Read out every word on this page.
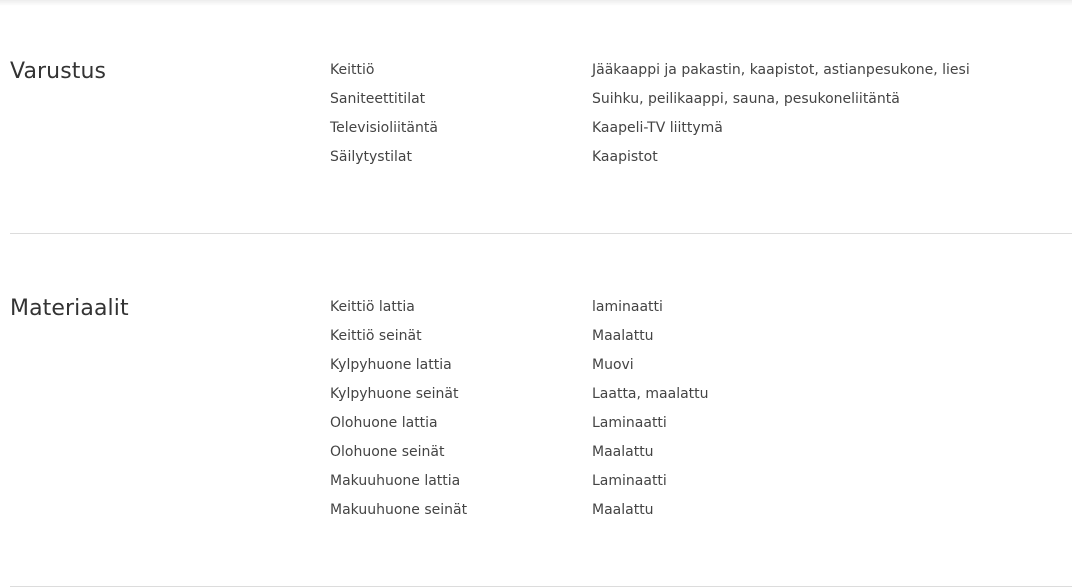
Varustus	Keittiö	Jääkaappi ja pakastin, kaapistot, astianpesukone, liesi
Saniteettitilat	Suihku, peilikaappi, sauna, pesukoneliitäntä
Televisioliitäntä	Kaapeli-TV liittymä
Säilytystilat	Kaapistot
Materiaalit	Keittiö lattia	laminaatti
Keittiö seinät	Maalattu
Kylpyhuone lattia	Muovi
Kylpyhuone seinät	Laatta, maalattu
Olohuone lattia	Laminaatti
Olohuone seinät	Maalattu
Makuuhuone lattia	Laminaatti
Makuuhuone seinät	Maalattu
